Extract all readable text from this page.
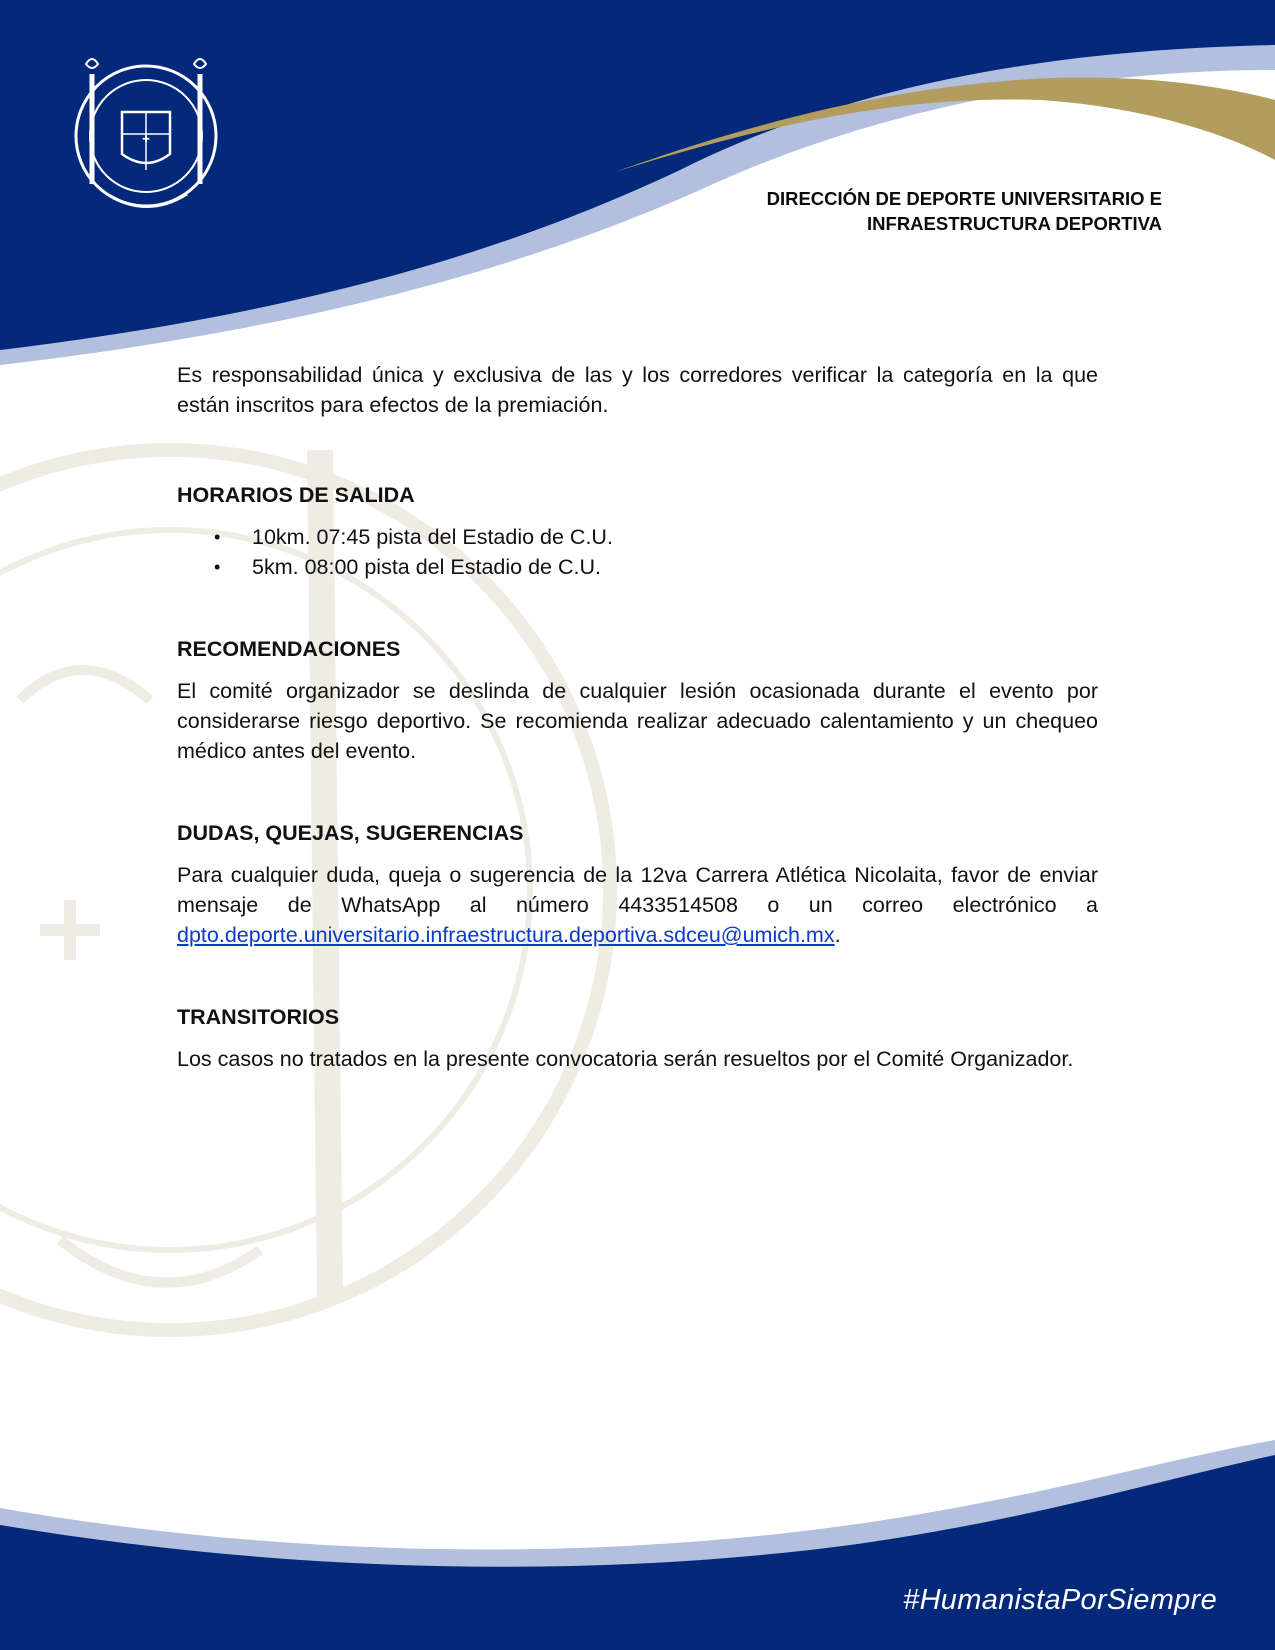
✚
DIRECCIÓN DE DEPORTE UNIVERSITARIO E
INFRAESTRUCTURA DEPORTIVA

Es responsabilidad única y exclusiva de las y los corredores verificar la categoría en la que están inscritos para efectos de la premiación.

HORARIOS DE SALIDA

• 10km. 07:45 pista del Estadio de C.U.
• 5km. 08:00 pista del Estadio de C.U.

RECOMENDACIONES

El comité organizador se deslinda de cualquier lesión ocasionada durante el evento por considerarse riesgo deportivo. Se recomienda realizar adecuado calentamiento y un chequeo médico antes del evento.

DUDAS, QUEJAS, SUGERENCIAS

Para cualquier duda, queja o sugerencia de la 12va Carrera Atlética Nicolaita, favor de enviar mensaje de WhatsApp al número 4433514508 o un correo electrónico a dpto.deporte.universitario.infraestructura.deportiva.sdceu@umich.mx.

TRANSITORIOS

Los casos no tratados en la presente convocatoria serán resueltos por el Comité Organizador.

#HumanistaPorSiempre
